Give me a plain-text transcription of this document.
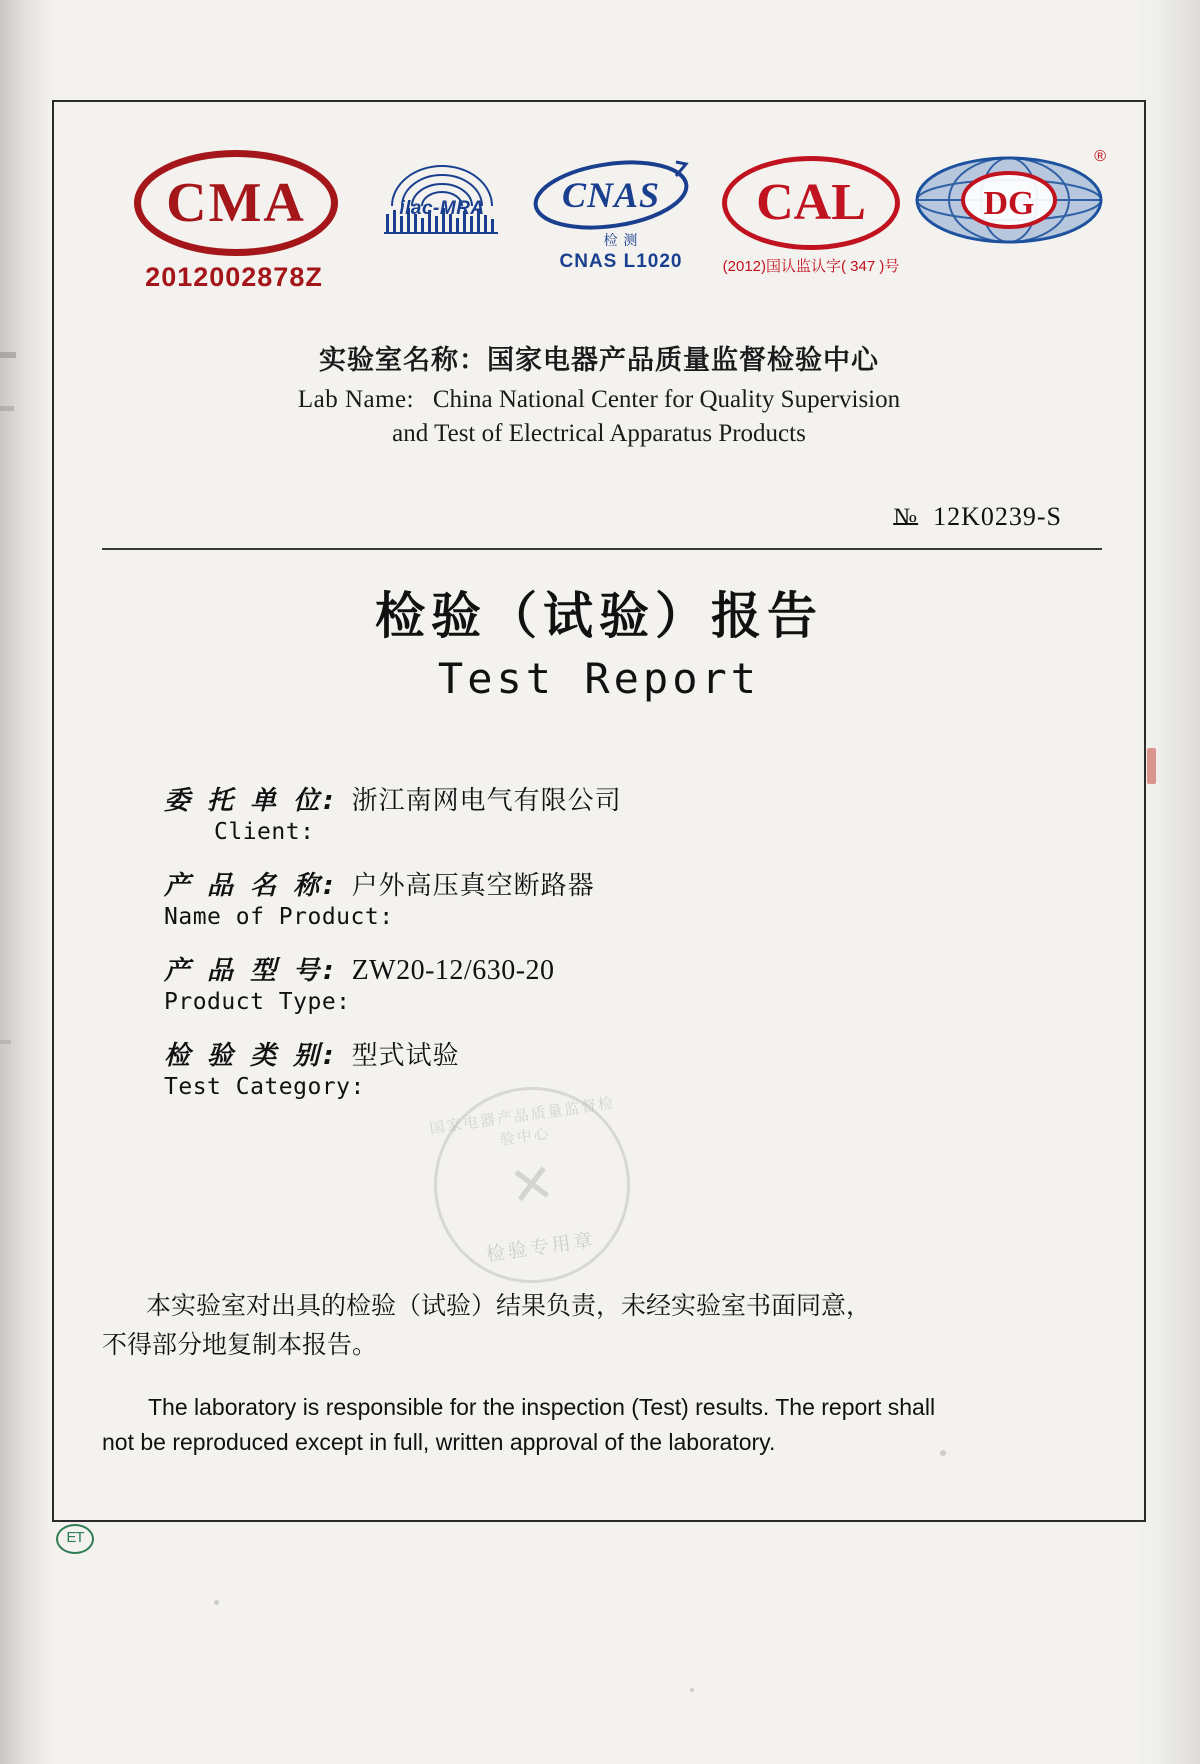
CMA
2012002878Z
ilac-MRA	CNAS
检 测
CNAS L1020
CAL
(2012)国认监认字( 347 )号
DG
®
实验室名称：国家电器产品质量监督检验中心
Lab Name: China National Center for Quality Supervision
and Test of Electrical Apparatus Products
№ 12K0239-S
检验（试验）报告
Test Report
委 托 单 位: 浙江南网电气有限公司
Client:
产 品 名 称: 户外高压真空断路器
Name of Product:
产 品 型 号: ZW20-12/630-20
Product Type:
检 验 类 别: 型式试验
Test Category:
国家电器产品质量监督检验中心
✕
检验专用章
本实验室对出具的检验（试验）结果负责，未经实验室书面同意，
不得部分地复制本报告。
The laboratory is responsible for the inspection (Test) results. The report shall
not be reproduced except in full, written approval of the laboratory.
ET
